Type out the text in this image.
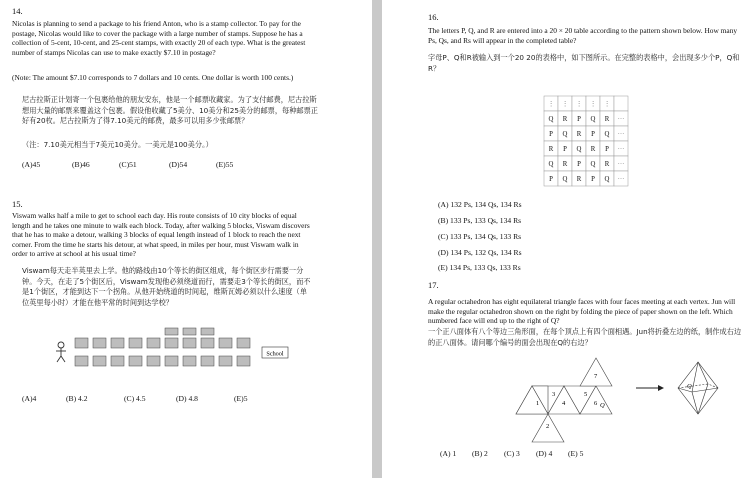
14.
Nicolas is planning to send a package to his friend Anton, who is a stamp collector. To pay for the postage, Nicolas would like to cover the package with a large number of stamps. Suppose he has a collection of 5-cent, 10-cent, and 25-cent stamps, with exactly 20 of each type. What is the greatest number of stamps Nicolas can use to make exactly $7.10 in postage?
(Note: The amount $7.10 corresponds to 7 dollars and 10 cents. One dollar is worth 100 cents.)
尼古拉斯正计划寄一个包裹给他的朋友安东，他是一个邮票收藏家。为了支付邮费，尼古拉斯想用大量的邮票来覆盖这个包裹。假设他收藏了5美分、10美分和25美分的邮票，每种邮票正好有20枚。尼古拉斯为了得7.10美元的邮费，最多可以用多少张邮票？
（注：7.10美元相当于7美元10美分。一美元是100美分。）
(A)45	(B)46	(C)51	(D)54	(E)55
15.
Viswam walks half a mile to get to school each day. His route consists of 10 city blocks of equal length and he takes one minute to walk each block. Today, after walking 5 blocks, Viswam discovers that he has to make a detour, walking 3 blocks of equal length instead of 1 block to reach the next corner. From the time he starts his detour, at what speed, in miles per hour, must Viswam walk in order to arrive at school at his usual time?
Viswam每天走半英里去上学。他的路线由10个等长的街区组成，每个街区步行需要一分钟。今天，在走了5个街区后，Viswam发现他必须绕道而行，需要走3个等长的街区，而不是1个街区，才能到达下一个拐角。从他开始绕道的时间起，维斯瓦姆必须以什么速度（单位英里每小时）才能在他平常的时间到达学校？
School
(A)4	(B) 4.2	(C) 4.5	(D) 4.8	(E)5
16.
The letters P, Q, and R are entered into a 20 × 20 table according to the pattern shown below. How many Ps, Qs, and Rs will appear in the completed table?
字母P、Q和R被输入到一个20 20的表格中，如下图所示。在完整的表格中，会出现多少个P，Q和R？
⋮ ⋮ ⋮ ⋮ ⋮
Q R P Q R ···
P Q R P Q ···
R P Q R P ···
Q R P Q R ···
P Q R P Q ···
(A) 132 Ps, 134 Qs, 134 Rs
(B) 133 Ps, 133 Qs, 134 Rs
(C) 133 Ps, 134 Qs, 133 Rs
(D) 134 Ps, 132 Qs, 134 Rs
(E) 134 Ps, 133 Qs, 133 Rs
17.
A regular octahedron has eight equilateral triangle faces with four faces meeting at each vertex. Jun will make the regular octahedron shown on the right by folding the piece of paper shown on the left. Which numbered face will end up to the right of Q?
一个正八面体有八个等边三角形面，在每个顶点上有四个面相遇。Jun将折叠左边的纸，制作成右边的正八面体。请问哪个编号的面会出现在Q的右边？
1
2
3
4
5
6
7
Q
Q
(A) 1 (B) 2 (C) 3 (D) 4 (E) 5
